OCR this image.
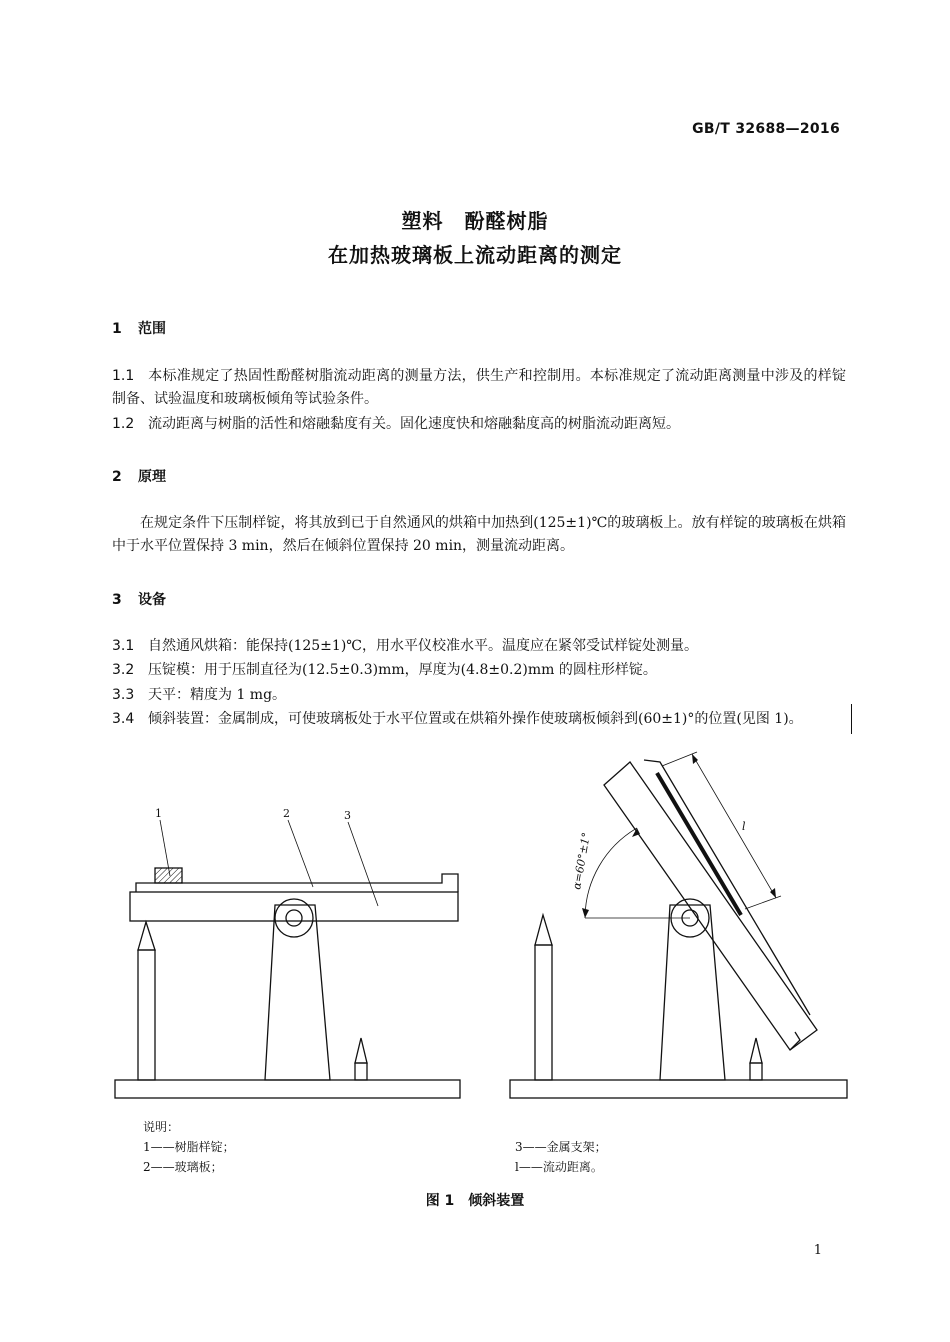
GB/T 32688—2016
塑料　酚醛树脂
在加热玻璃板上流动距离的测定
1 范围
1.1 本标准规定了热固性酚醛树脂流动距离的测量方法，供生产和控制用。本标准规定了流动距离测量中涉及的样锭制备、试验温度和玻璃板倾角等试验条件。
1.2 流动距离与树脂的活性和熔融黏度有关。固化速度快和熔融黏度高的树脂流动距离短。
2 原理
在规定条件下压制样锭，将其放到已于自然通风的烘箱中加热到(125±1)℃的玻璃板上。放有样锭的玻璃板在烘箱中于水平位置保持 3 min，然后在倾斜位置保持 20 min，测量流动距离。
3 设备
3.1 自然通风烘箱：能保持(125±1)℃，用水平仪校准水平。温度应在紧邻受试样锭处测量。
3.2 压锭模：用于压制直径为(12.5±0.3)mm，厚度为(4.8±0.2)mm 的圆柱形样锭。
3.3 天平：精度为 1 mg。
3.4 倾斜装置：金属制成，可使玻璃板处于水平位置或在烘箱外操作使玻璃板倾斜到(60±1)°的位置(见图 1)。
1	2	3
l
α=60°±1°
说明：
1——树脂样锭；
2——玻璃板；
3——金属支架；
l——流动距离。
图 1　倾斜装置
1
